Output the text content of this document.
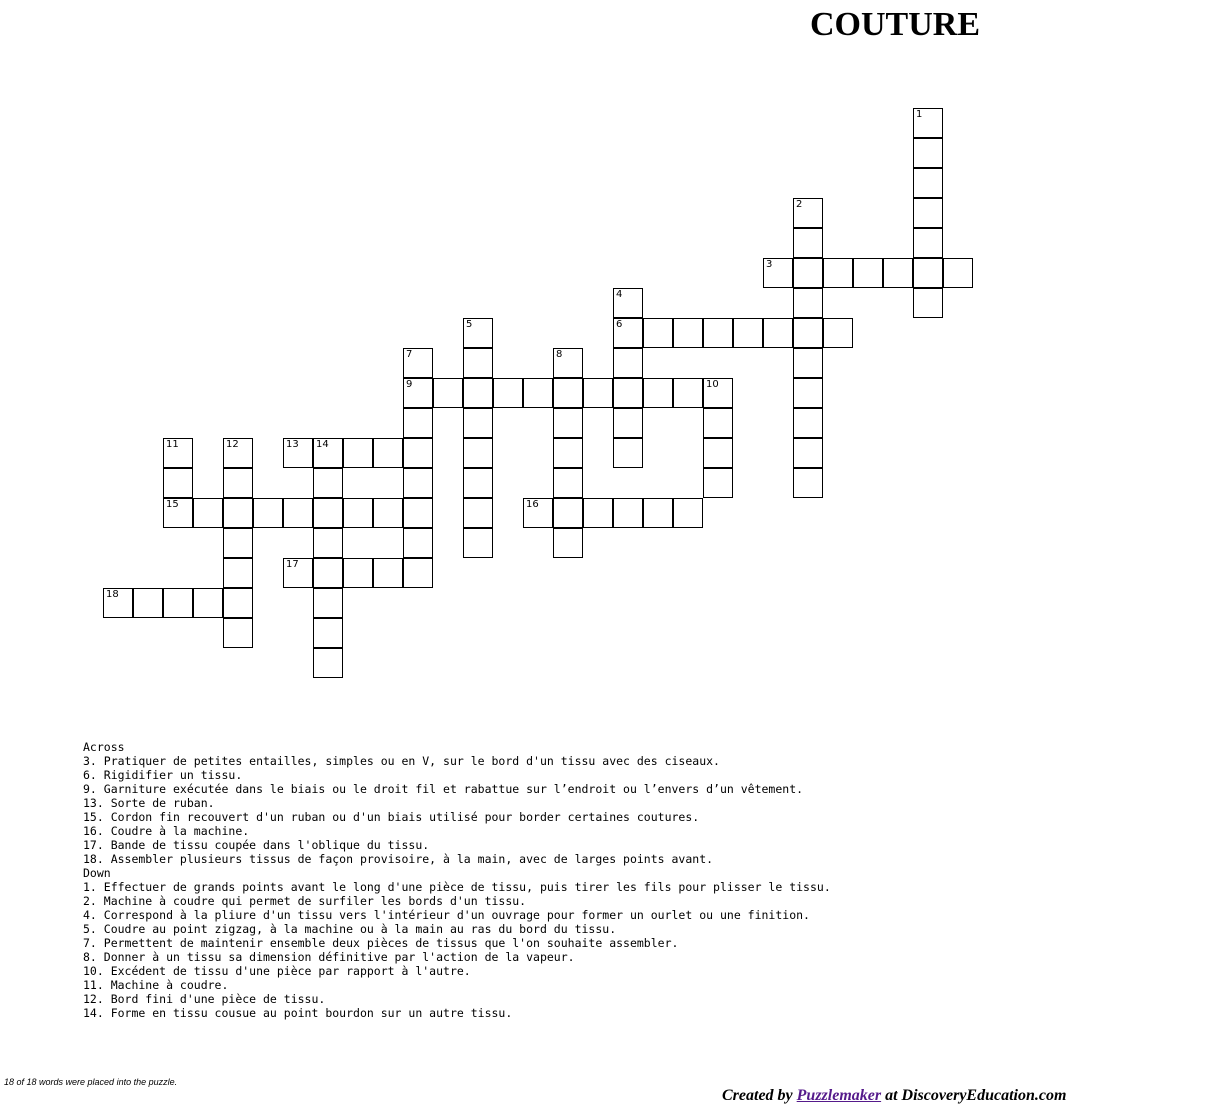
COUTURE
1
2
3
4
6
5
7
9
8
10
11
15
12	13 14
16
17
18
Across
3. Pratiquer de petites entailles, simples ou en V, sur le bord d'un tissu avec des ciseaux.
6. Rigidifier un tissu.
9. Garniture exécutée dans le biais ou le droit fil et rabattue sur l’endroit ou l’envers d’un vêtement.
13. Sorte de ruban.
15. Cordon fin recouvert d'un ruban ou d'un biais utilisé pour border certaines coutures.
16. Coudre à la machine.
17. Bande de tissu coupée dans l'oblique du tissu.
18. Assembler plusieurs tissus de façon provisoire, à la main, avec de larges points avant.
Down
1. Effectuer de grands points avant le long d'une pièce de tissu, puis tirer les fils pour plisser le tissu.
2. Machine à coudre qui permet de surfiler les bords d'un tissu.
4. Correspond à la pliure d'un tissu vers l'intérieur d'un ouvrage pour former un ourlet ou une finition.
5. Coudre au point zigzag, à la machine ou à la main au ras du bord du tissu.
7. Permettent de maintenir ensemble deux pièces de tissus que l'on souhaite assembler.
8. Donner à un tissu sa dimension définitive par l'action de la vapeur.
10. Excédent de tissu d'une pièce par rapport à l'autre.
11. Machine à coudre.
12. Bord fini d'une pièce de tissu.
14. Forme en tissu cousue au point bourdon sur un autre tissu.
18 of 18 words were placed into the puzzle.
Created by Puzzlemaker at DiscoveryEducation.com
